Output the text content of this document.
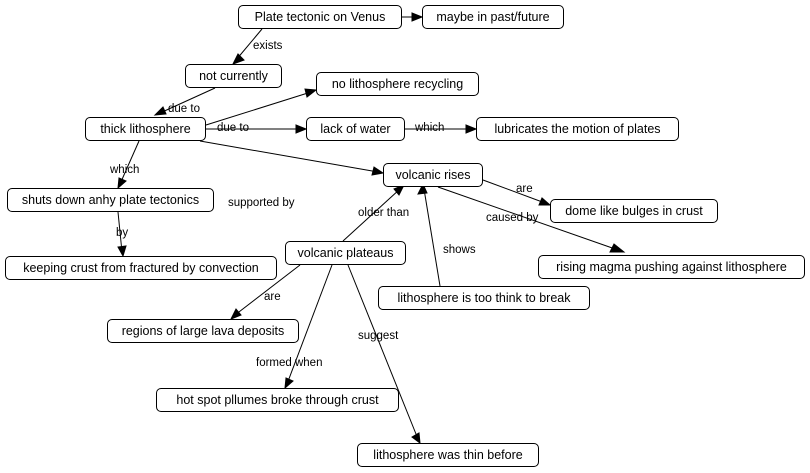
exists
due to
due to	which
which
by
supported by
older than
are
caused by
shows
are
formed when
suggest
Plate tectonic on Venus	maybe in past/future
not currently
no lithosphere recycling
thick lithosphere	lack of water	lubricates the motion of plates
volcanic rises
shuts down anhy plate tectonics
dome like bulges in crust
volcanic plateaus
keeping crust from fractured by convection	rising magma pushing against lithosphere
lithosphere is too think to break
regions of large lava deposits
hot spot pllumes broke through crust
lithosphere was thin before
